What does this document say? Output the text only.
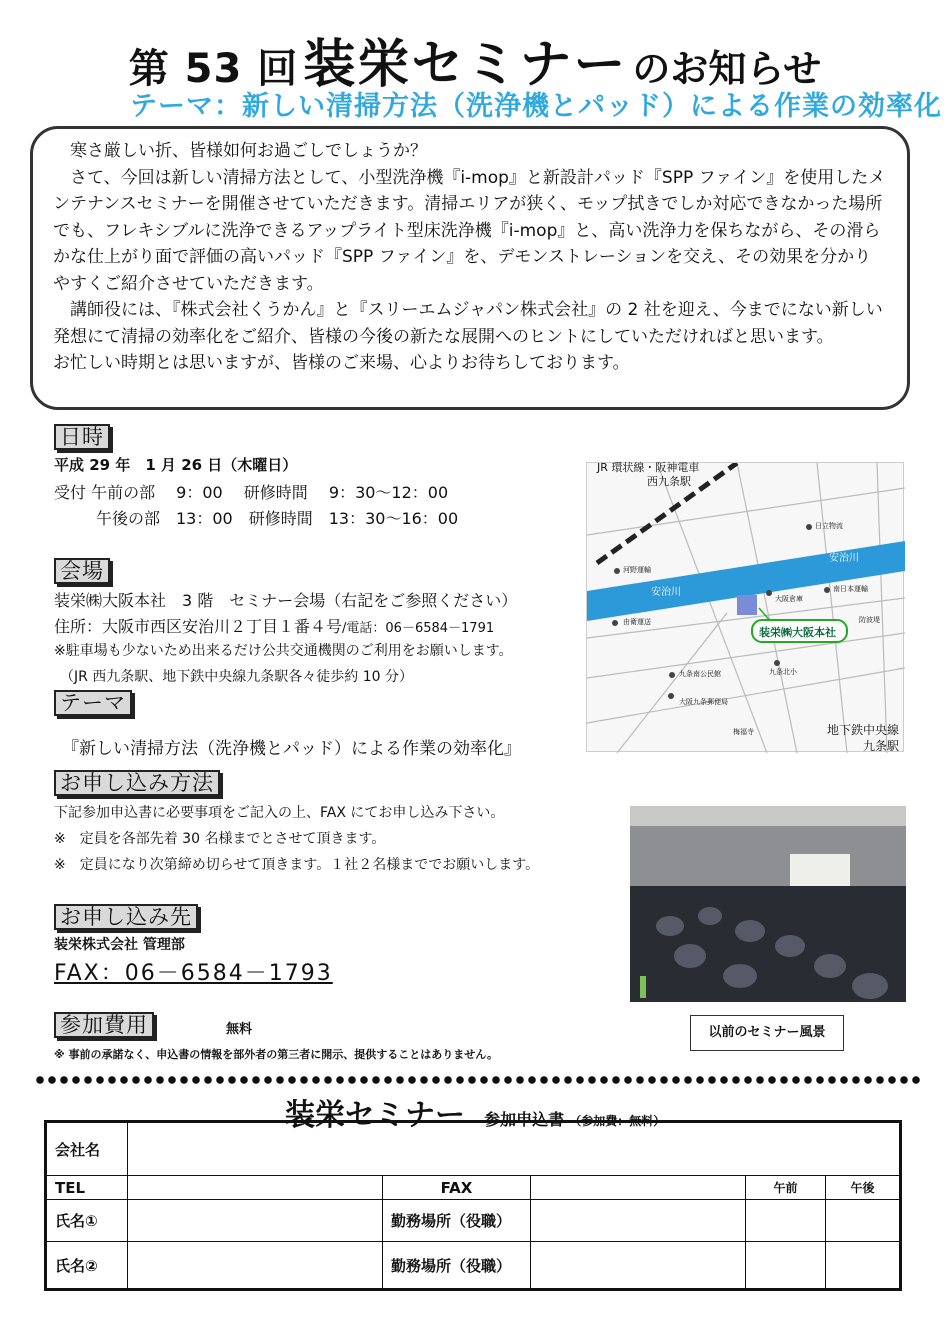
第 53 回 装栄セミナー のお知らせ
テーマ：新しい清掃方法（洗浄機とパッド）による作業の効率化

　寒さ厳しい折、皆様如何お過ごしでしょうか？

　さて、今回は新しい清掃方法として、小型洗浄機『i-mop』と新設計パッド『SPP ファイン』を使用したメンテナンスセミナーを開催させていただきます。清掃エリアが狭く、モップ拭きでしか対応できなかった場所でも、フレキシブルに洗浄できるアップライト型床洗浄機『i-mop』と、高い洗浄力を保ちながら、その滑らかな仕上がり面で評価の高いパッド『SPP ファイン』を、デモンストレーションを交え、その効果を分かりやすくご紹介させていただきます。

　講師役には、『株式会社くうかん』と『スリーエムジャパン株式会社』の 2 社を迎え、今までにない新しい発想にて清掃の効率化をご紹介、皆様の今後の新たな展開へのヒントにしていただければと思います。

お忙しい時期とは思いますが、皆様のご来場、心よりお待ちしております。

日時
平成 29 年　1 月 26 日（木曜日）
受付 午前の部　 9：00　 研修時間　 9：30～12：00
午後の部　13：00　研修時間　13：30～16：00
会場
装栄㈱大阪本社　3 階　セミナー会場（右記をご参照ください）
住所：大阪市西区安治川２丁目１番４号/電話：06－6584－1791
※駐車場も少ないため出来るだけ公共交通機関のご利用をお願いします。
（JR 西九条駅、地下鉄中央線九条駅各々徒歩約 10 分）
テーマ
『新しい清掃方法（洗浄機とパッド）による作業の効率化』
お申し込み方法
下記参加申込書に必要事項をご記入の上、FAX にてお申し込み下さい。
※　定員を各部先着 30 名様までとさせて頂きます。
※　定員になり次第締め切らせて頂きます。１社２名様まででお願いします。
お申し込み先
装栄株式会社 管理部
FAX：06－6584－1793
参加費用	無料
※ 事前の承諾なく、申込書の情報を部外者の第三者に開示、提供することはありません。
JR 環状線・阪神電車
西九条駅
安治川
安治川
装栄㈱大阪本社
日立物流
河野運輸
大阪倉庫
南日本運輸
由衛運送	防波堤
九条北小
九条南公民館
大阪九条郵便局
梅福寺	地下鉄中央線
九条駅
以前のセミナー風景
装栄セミナー 参加申込書 （参加費：無料）
会社名					
TEL		FAX		午前	午後
氏名①		勤務場所（役職）			
氏名②		勤務場所（役職）			
